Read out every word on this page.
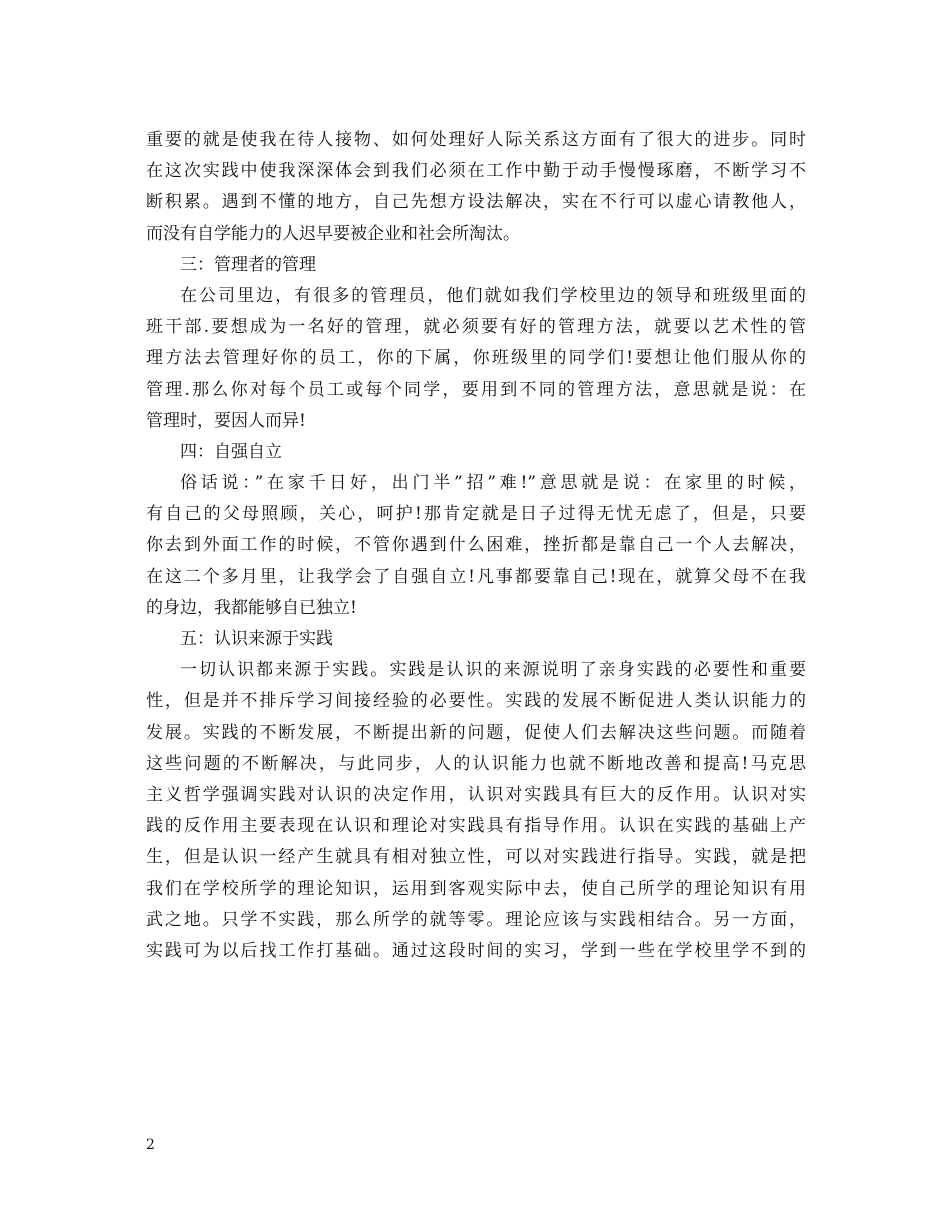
重要的就是使我在待人接物、如何处理好人际关系这方面有了很大的进步。同时
在这次实践中使我深深体会到我们必须在工作中勤于动手慢慢琢磨，不断学习不
断积累。遇到不懂的地方，自己先想方设法解决，实在不行可以虚心请教他人，
而没有自学能力的人迟早要被企业和社会所淘汰。
三：管理者的管理
在公司里边，有很多的管理员，他们就如我们学校里边的领导和班级里面的
班干部.要想成为一名好的管理，就必须要有好的管理方法，就要以艺术性的管
理方法去管理好你的员工，你的下属，你班级里的同学们!要想让他们服从你的
管理.那么你对每个员工或每个同学，要用到不同的管理方法，意思就是说：在
管理时，要因人而异!
四：自强自立
俗话说：”在家千日好，出门半”招”难!”意思就是说：在家里的时候，
有自己的父母照顾，关心，呵护!那肯定就是日子过得无忧无虑了，但是，只要
你去到外面工作的时候，不管你遇到什么困难，挫折都是靠自己一个人去解决，
在这二个多月里，让我学会了自强自立!凡事都要靠自己!现在，就算父母不在我
的身边，我都能够自已独立!
五：认识来源于实践
一切认识都来源于实践。实践是认识的来源说明了亲身实践的必要性和重要
性，但是并不排斥学习间接经验的必要性。实践的发展不断促进人类认识能力的
发展。实践的不断发展，不断提出新的问题，促使人们去解决这些问题。而随着
这些问题的不断解决，与此同步，人的认识能力也就不断地改善和提高!马克思
主义哲学强调实践对认识的决定作用，认识对实践具有巨大的反作用。认识对实
践的反作用主要表现在认识和理论对实践具有指导作用。认识在实践的基础上产
生，但是认识一经产生就具有相对独立性，可以对实践进行指导。实践，就是把
我们在学校所学的理论知识，运用到客观实际中去，使自己所学的理论知识有用
武之地。只学不实践，那么所学的就等零。理论应该与实践相结合。另一方面，
实践可为以后找工作打基础。通过这段时间的实习，学到一些在学校里学不到的
2
